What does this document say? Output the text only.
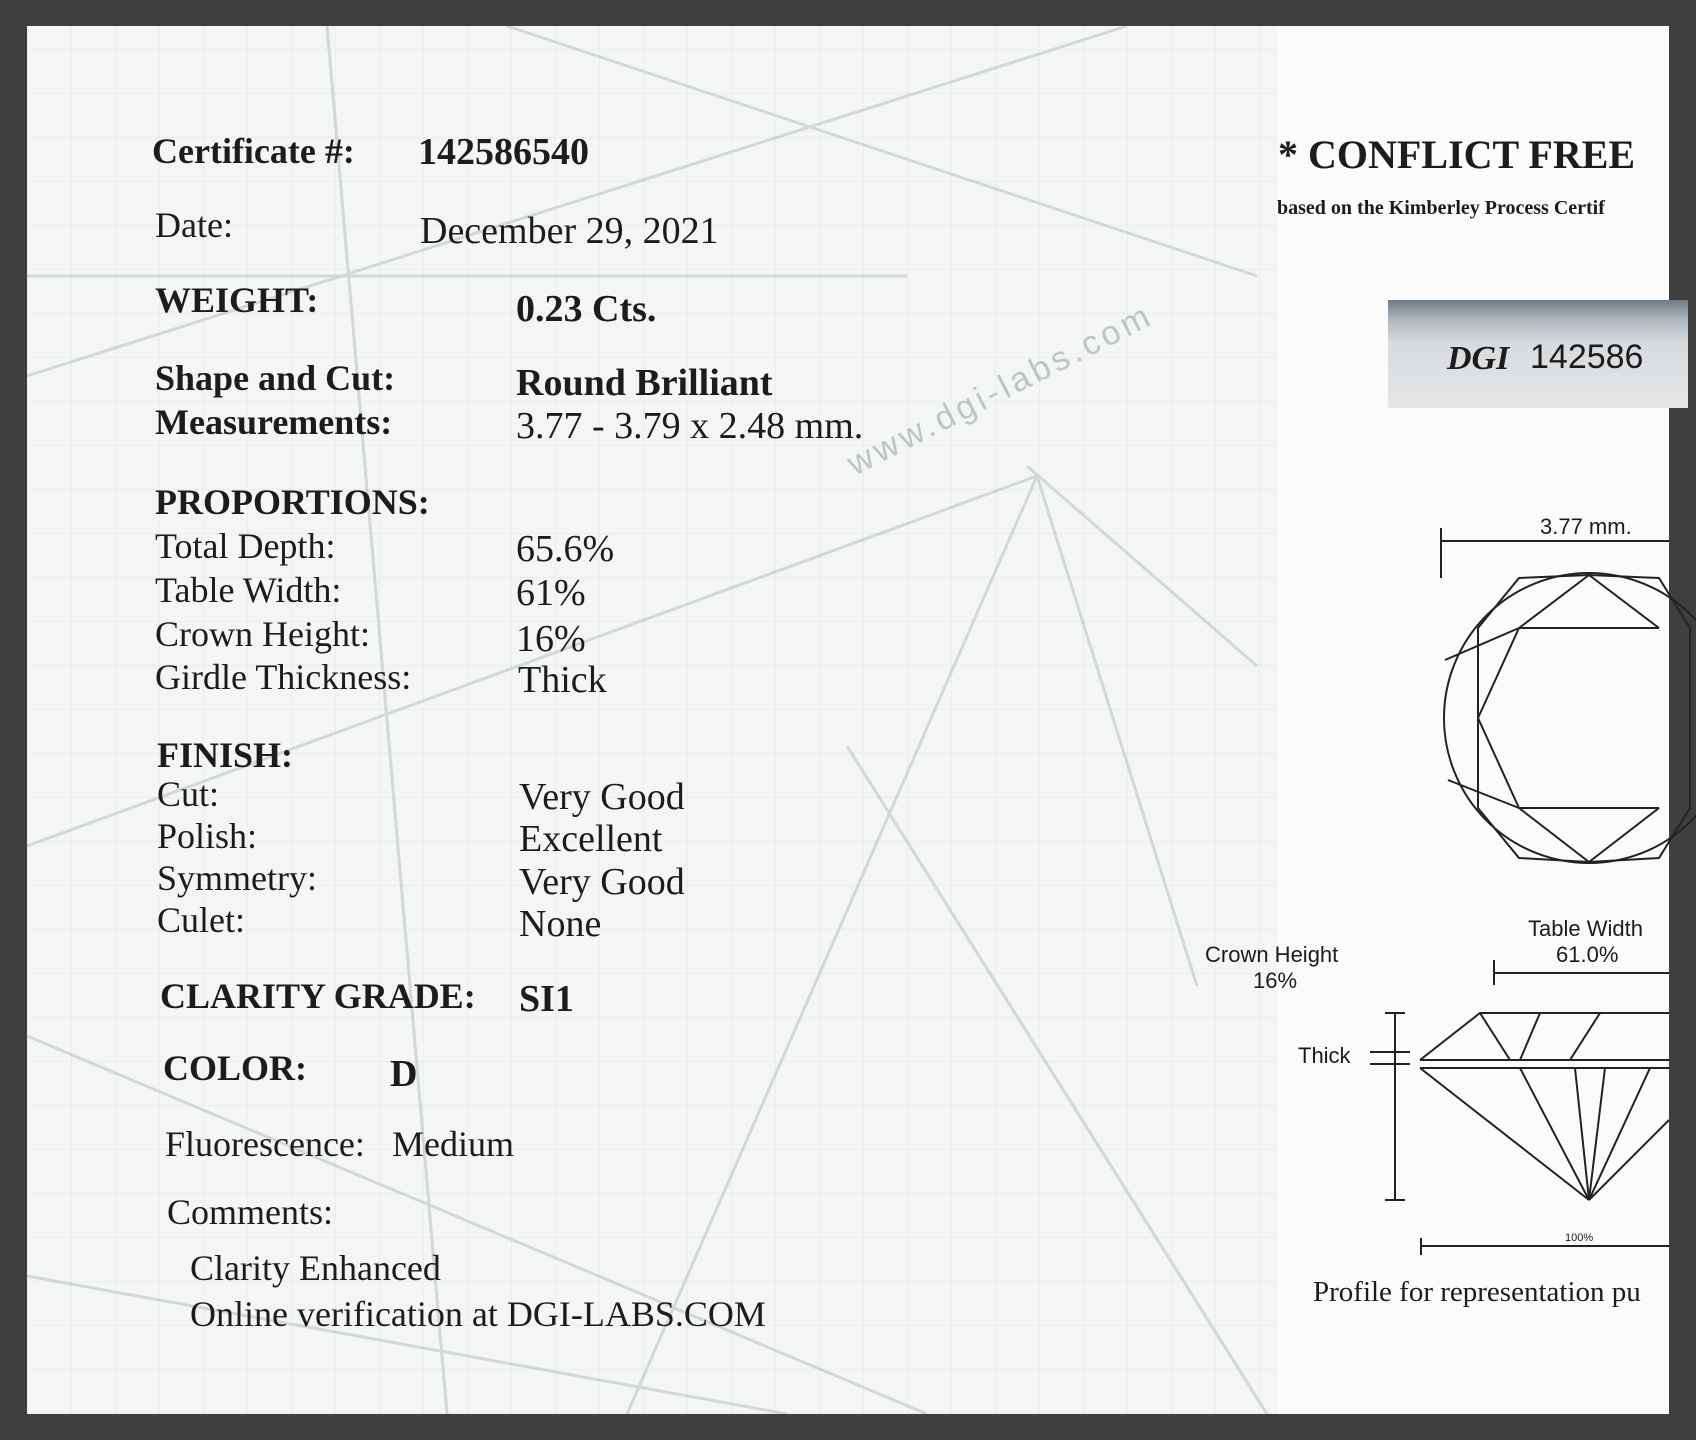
www.dgi-labs.com
Certificate #: 142586540
Date:	December 29, 2021
WEIGHT:	0.23 Cts.
Shape and Cut:	Round Brilliant
Measurements:	3.77 - 3.79 x 2.48 mm.
PROPORTIONS:
Total Depth:	65.6%
Table Width:	61%
Crown Height:	16%
Girdle Thickness:	Thick
FINISH:
Cut:	Very Good
Polish:	Excellent
Symmetry:	Very Good
Culet:	None
CLARITY GRADE: SI1
COLOR: D
Fluorescence: Medium
Comments:
Clarity Enhanced
Online verification at DGI-LABS.COM
* CONFLICT FREE
based on the Kimberley Process Certif
DGI 142586
3.77 mm.
Table Width
61.0%
Crown Height
16%
Thick
100%
Profile for representation pu
